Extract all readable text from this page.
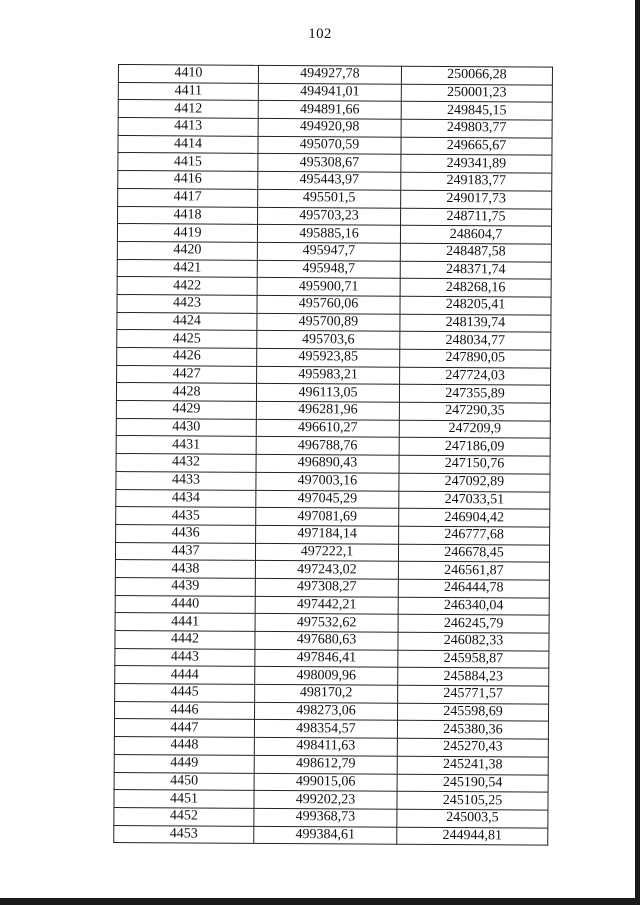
102
4410	494927,78	250066,28
4411	494941,01	250001,23
4412	494891,66	249845,15
4413	494920,98	249803,77
4414	495070,59	249665,67
4415	495308,67	249341,89
4416	495443,97	249183,77
4417	495501,5	249017,73
4418	495703,23	248711,75
4419	495885,16	248604,7
4420	495947,7	248487,58
4421	495948,7	248371,74
4422	495900,71	248268,16
4423	495760,06	248205,41
4424	495700,89	248139,74
4425	495703,6	248034,77
4426	495923,85	247890,05
4427	495983,21	247724,03
4428	496113,05	247355,89
4429	496281,96	247290,35
4430	496610,27	247209,9
4431	496788,76	247186,09
4432	496890,43	247150,76
4433	497003,16	247092,89
4434	497045,29	247033,51
4435	497081,69	246904,42
4436	497184,14	246777,68
4437	497222,1	246678,45
4438	497243,02	246561,87
4439	497308,27	246444,78
4440	497442,21	246340,04
4441	497532,62	246245,79
4442	497680,63	246082,33
4443	497846,41	245958,87
4444	498009,96	245884,23
4445	498170,2	245771,57
4446	498273,06	245598,69
4447	498354,57	245380,36
4448	498411,63	245270,43
4449	498612,79	245241,38
4450	499015,06	245190,54
4451	499202,23	245105,25
4452	499368,73	245003,5
4453	499384,61	244944,81
